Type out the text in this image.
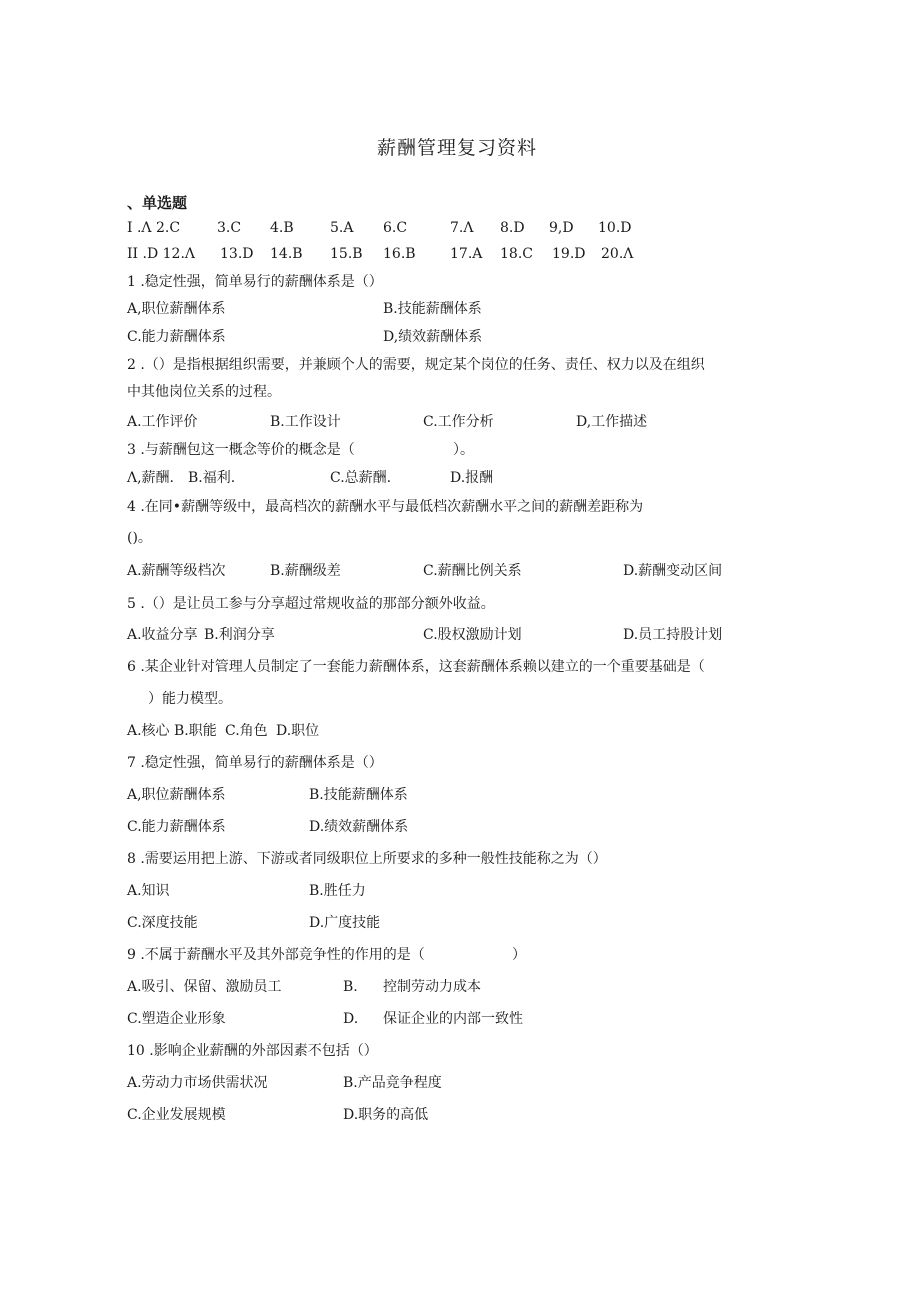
薪酬管理复习资料
、单选题
I .Λ 2.C	3.C 4.B	5.A 6.C	7.Λ 8.D 9,D 10.D
II .D 12.Λ 13.D 14.B 15.B 16.B 17.A 18.C 19.D 20.Λ
1 .稳定性强，简单易行的薪酬体系是（）
A,职位薪酬体系	B.技能薪酬体系
C.能力薪酬体系	D,绩效薪酬体系
2 .（）是指根据组织需要，并兼顾个人的需要，规定某个岗位的任务、责任、权力以及在组织
中其他岗位关系的过程。
A.工作评价	B.工作设计	C.工作分析	D,工作描述
3 .与薪酬包这一概念等价的概念是（	）。
Λ,薪酬. B.福利.	C.总薪酬.	D.报酬
4 .在同•薪酬等级中，最高档次的薪酬水平与最低档次薪酬水平之间的薪酬差距称为
()。
A.薪酬等级档次	B.薪酬级差	C.薪酬比例关系	D.薪酬变动区间
5 .（）是让员工参与分享超过常规收益的那部分额外收益。
A.收益分享 B.利润分享	C.股权激励计划	D.员工持股计划
6 .某企业针对管理人员制定了一套能力薪酬体系，这套薪酬体系赖以建立的一个重要基础是（
）能力模型。
A.核心 B.职能 C.角色 D.职位
7 .稳定性强，简单易行的薪酬体系是（）
A,职位薪酬体系	B.技能薪酬体系
C.能力薪酬体系	D.绩效薪酬体系
8 .需要运用把上游、下游或者同级职位上所要求的多种一般性技能称之为（）
A.知识	B.胜任力
C.深度技能	D.广度技能
9 .不属于薪酬水平及其外部竞争性的作用的是（	）
A.吸引、保留、激励员工	B. 控制劳动力成本
C.塑造企业形象	D. 保证企业的内部一致性
10 .影响企业薪酬的外部因素不包括（）
A.劳动力市场供需状况	B.产品竞争程度
C.企业发展规模	D.职务的高低
